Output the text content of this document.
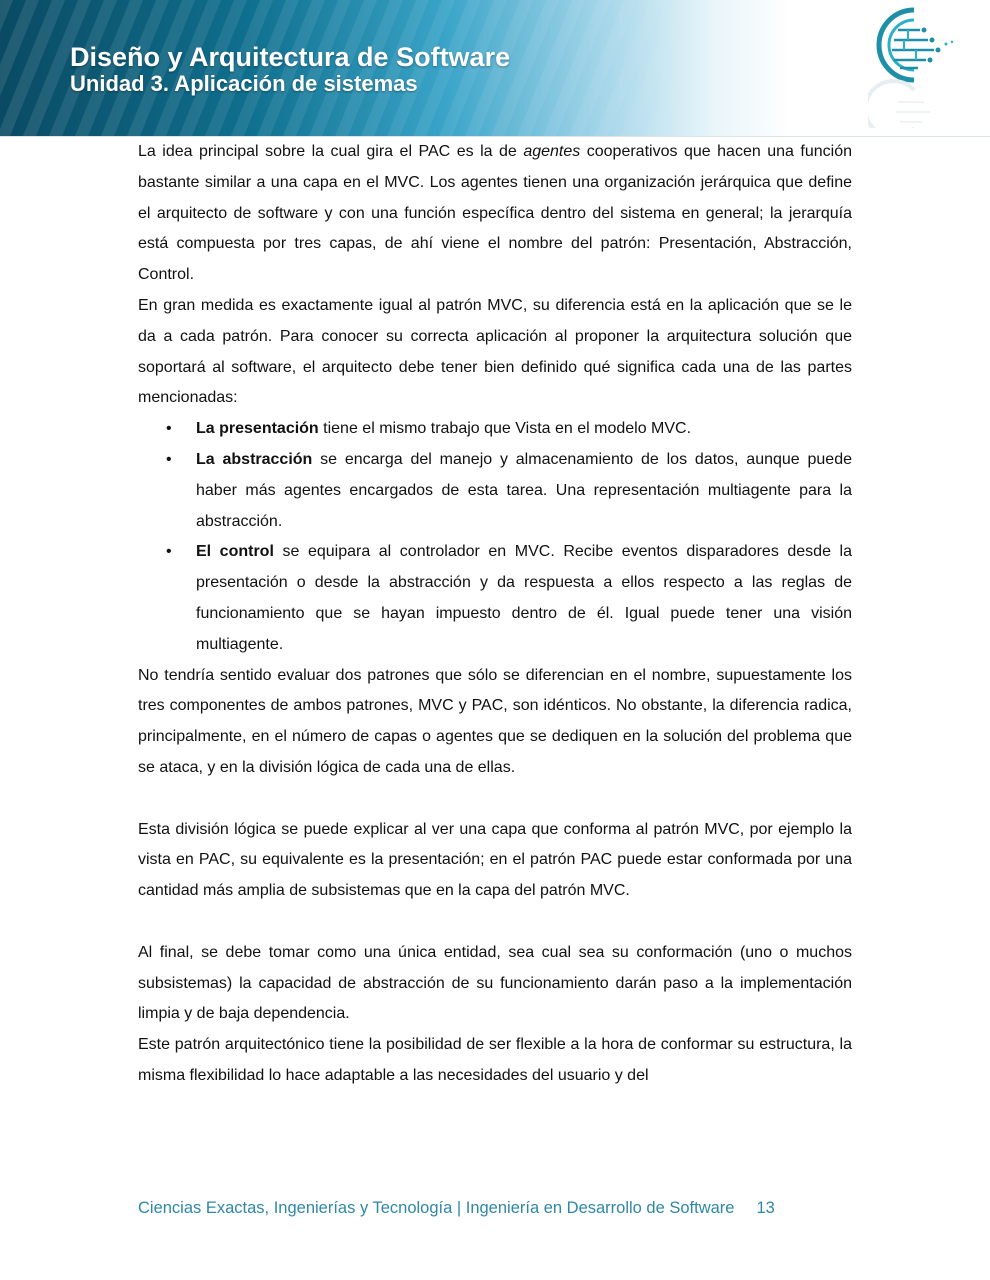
Diseño y Arquitectura de Software
Unidad 3. Aplicación de sistemas

La idea principal sobre la cual gira el PAC es la de agentes cooperativos que hacen una función bastante similar a una capa en el MVC. Los agentes tienen una organización jerárquica que define el arquitecto de software y con una función específica dentro del sistema en general; la jerarquía está compuesta por tres capas, de ahí viene el nombre del patrón: Presentación, Abstracción, Control.

En gran medida es exactamente igual al patrón MVC, su diferencia está en la aplicación que se le da a cada patrón. Para conocer su correcta aplicación al proponer la arquitectura solución que soportará al software, el arquitecto debe tener bien definido qué significa cada una de las partes mencionadas:

• La presentación tiene el mismo trabajo que Vista en el modelo MVC.
• La abstracción se encarga del manejo y almacenamiento de los datos, aunque puede haber más agentes encargados de esta tarea. Una representación multiagente para la abstracción.
• El control se equipara al controlador en MVC. Recibe eventos disparadores desde la presentación o desde la abstracción y da respuesta a ellos respecto a las reglas de funcionamiento que se hayan impuesto dentro de él. Igual puede tener una visión multiagente.

No tendría sentido evaluar dos patrones que sólo se diferencian en el nombre, supuestamente los tres componentes de ambos patrones, MVC y PAC, son idénticos. No obstante, la diferencia radica, principalmente, en el número de capas o agentes que se dediquen en la solución del problema que se ataca, y en la división lógica de cada una de ellas.

Esta división lógica se puede explicar al ver una capa que conforma al patrón MVC, por ejemplo la vista en PAC, su equivalente es la presentación; en el patrón PAC puede estar conformada por una cantidad más amplia de subsistemas que en la capa del patrón MVC.

Al final, se debe tomar como una única entidad, sea cual sea su conformación (uno o muchos subsistemas) la capacidad de abstracción de su funcionamiento darán paso a la implementación limpia y de baja dependencia.

Este patrón arquitectónico tiene la posibilidad de ser flexible a la hora de conformar su estructura, la misma flexibilidad lo hace adaptable a las necesidades del usuario y del

Ciencias Exactas, Ingenierías y Tecnología | Ingeniería en Desarrollo de Software 13
